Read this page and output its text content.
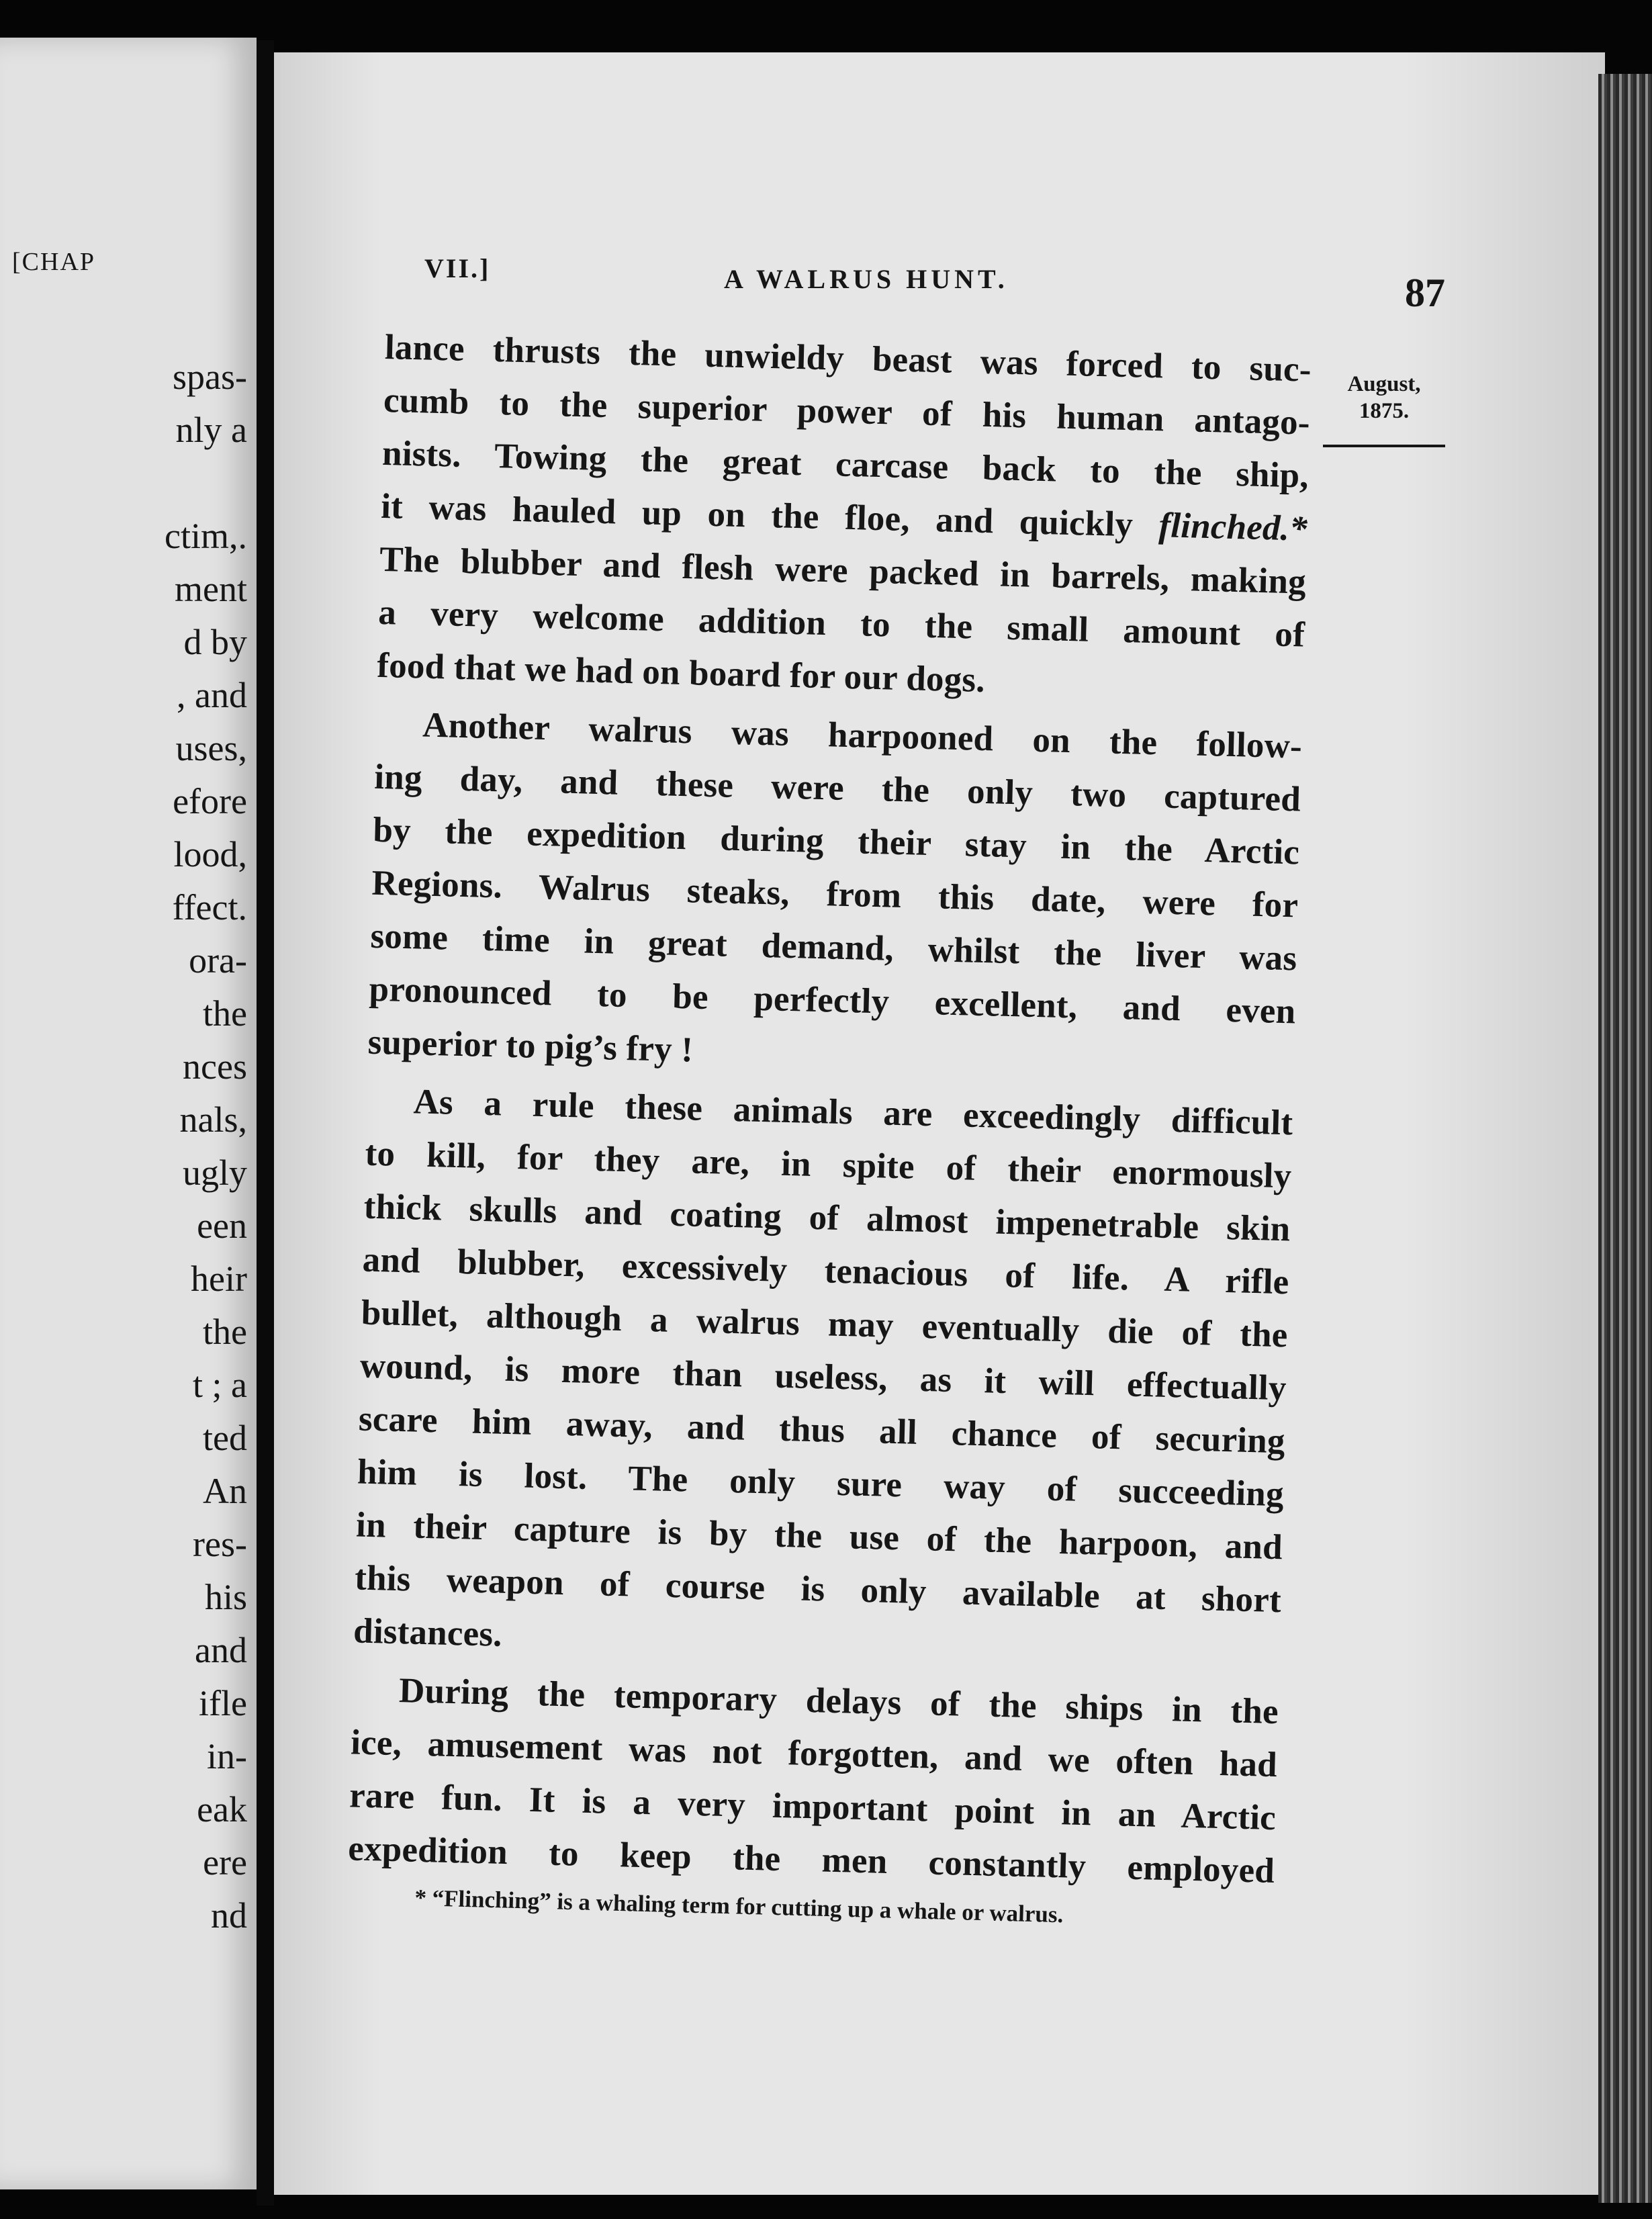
[CHAP
spas-
nly a

ctim,.
ment
d by
, and
uses,
efore
lood,
ffect.
ora-
the
nces
nals,
ugly
een
heir
the
t ; a
ted
An
res-
his
and
ifle
in-
eak
ere
nd
VII.]	A WALRUS HUNT.	87
August,
1875.
lance thrusts the unwieldy beast was forced to suc-
cumb to the superior power of his human antago-
nists. Towing the great carcase back to the ship,
it was hauled up on the floe, and quickly flinched.*
The blubber and flesh were packed in barrels, making
a very welcome addition to the small amount of
food that we had on board for our dogs.
Another walrus was harpooned on the follow-
ing day, and these were the only two captured
by the expedition during their stay in the Arctic
Regions. Walrus steaks, from this date, were for
some time in great demand, whilst the liver was
pronounced to be perfectly excellent, and even
superior to pig’s fry !
As a rule these animals are exceedingly difficult
to kill, for they are, in spite of their enormously
thick skulls and coating of almost impenetrable skin
and blubber, excessively tenacious of life. A rifle
bullet, although a walrus may eventually die of the
wound, is more than useless, as it will effectually
scare him away, and thus all chance of securing
him is lost. The only sure way of succeeding
in their capture is by the use of the harpoon, and
this weapon of course is only available at short
distances.
During the temporary delays of the ships in the
ice, amusement was not forgotten, and we often had
rare fun. It is a very important point in an Arctic
expedition to keep the men constantly employed
* “Flinching” is a whaling term for cutting up a whale or walrus.
